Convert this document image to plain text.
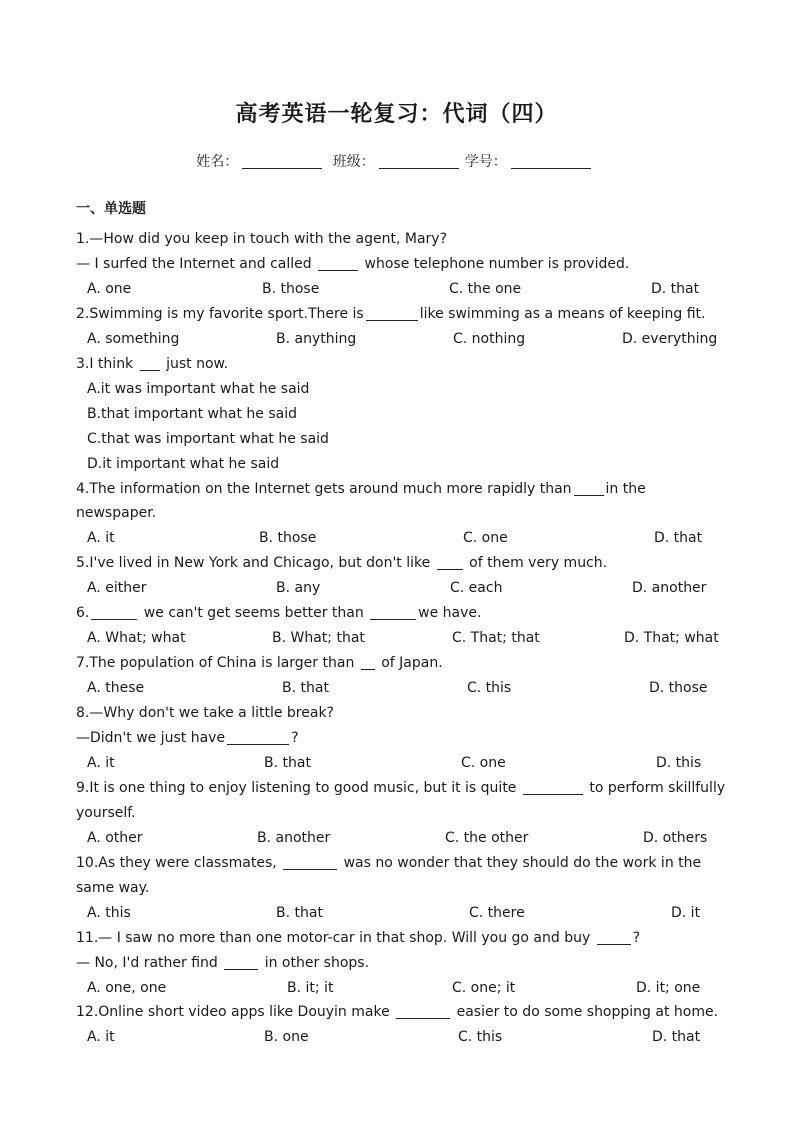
高考英语一轮复习：代词（四）
姓名：	班级：	学号：
一、单选题
1.—How did you keep in touch with the agent, Mary?
— I surfed the Internet and called	whose telephone number is provided.
A. one	B. those	C. the one	D. that
2.Swimming is my favorite sport.There is	like swimming as a means of keeping fit.
A. something	B. anything	C. nothing	D. everything
3.I think  just now.
A.it was important what he said
B.that important what he said
C.that was important what he said
D.it important what he said
4.The information on the Internet gets around much more rapidly than in the
newspaper.
A. it	B. those	C. one	D. that
5.I've lived in New York and Chicago, but don't like  of them very much.
A. either	B. any	C. each	D. another
6.	we can't get seems better than	we have.
A. What; what	B. What; that	C. That; that	D. That; what
7.The population of China is larger than  of Japan.
A. these	B. that	C. this	D. those
8.—Why don't we take a little break?
—Didn't we just have	?
A. it	B. that	C. one	D. this
9.It is one thing to enjoy listening to good music, but it is quite	to perform skillfully
yourself.
A. other	B. another	C. the other	D. others
10.As they were classmates,	was no wonder that they should do the work in the
same way.
A. this	B. that	C. there	D. it
11.— I saw no more than one motor-car in that shop. Will you go and buy	?
— No, I'd rather find	in other shops.
A. one, one	B. it; it	C. one; it	D. it; one
12.Online short video apps like Douyin make	easier to do some shopping at home.
A. it	B. one	C. this	D. that
